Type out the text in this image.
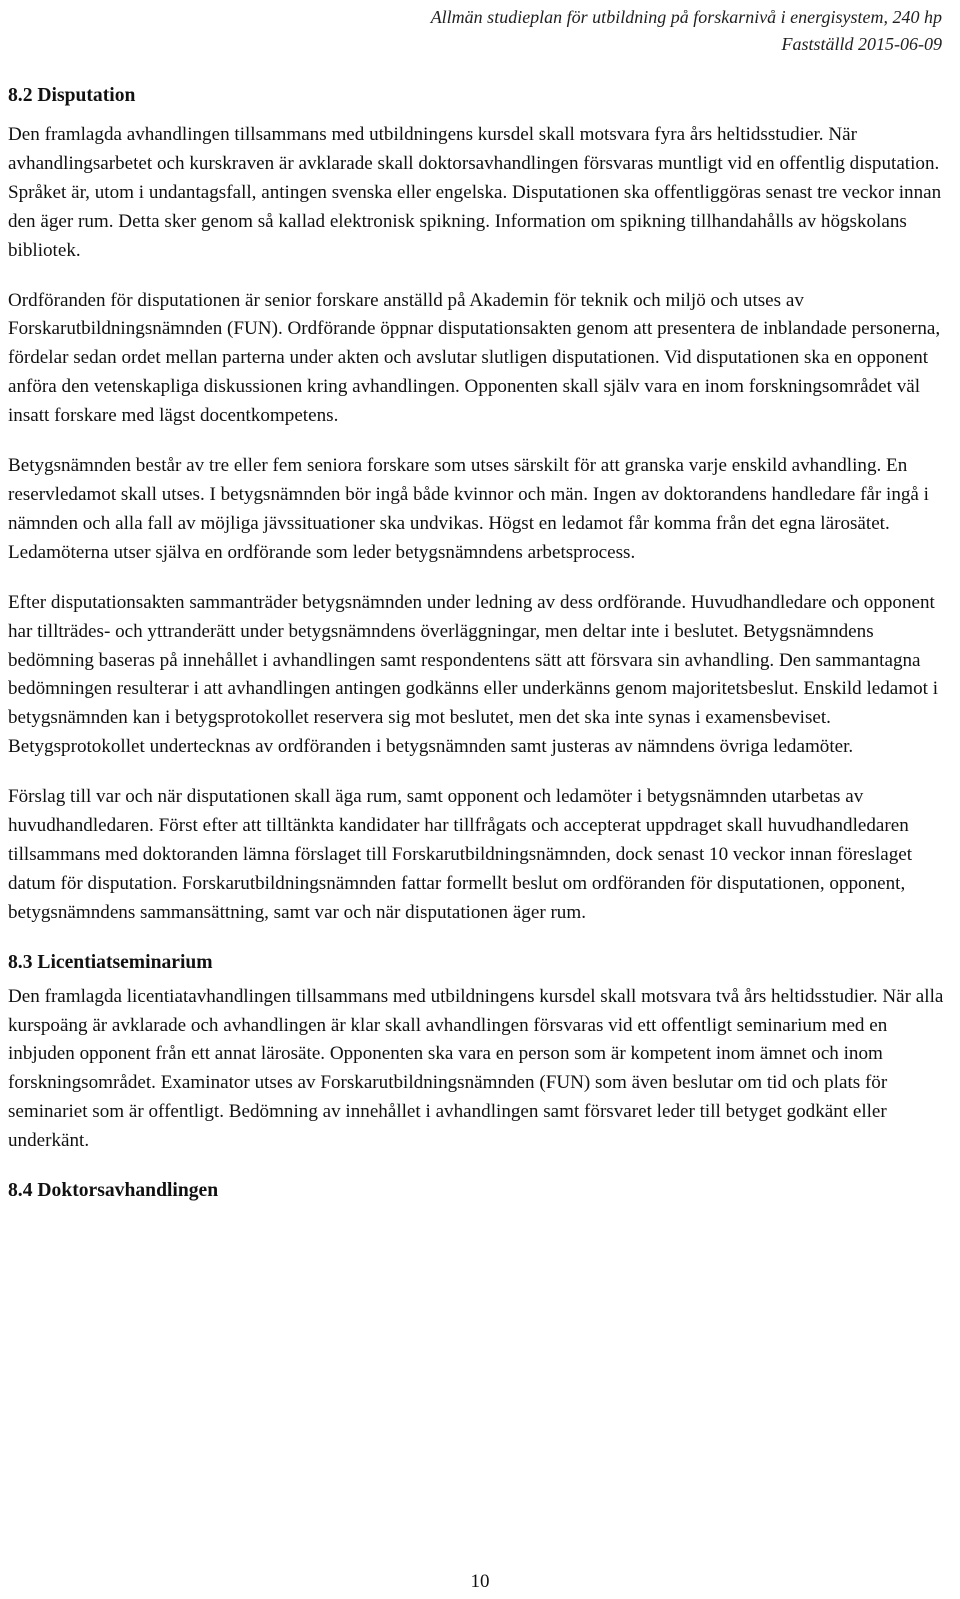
Allmän studieplan för utbildning på forskarnivå i energisystem, 240 hp
Fastställd 2015-06-09
8.2 Disputation

Den framlagda avhandlingen tillsammans med utbildningens kursdel skall motsvara fyra års heltidsstudier. När avhandlingsarbetet och kurskraven är avklarade skall doktorsavhandlingen försvaras muntligt vid en offentlig disputation. Språket är, utom i undantagsfall, antingen svenska eller engelska. Disputationen ska offentliggöras senast tre veckor innan den äger rum. Detta sker genom så kallad elektronisk spikning. Information om spikning tillhandahålls av högskolans bibliotek.

Ordföranden för disputationen är senior forskare anställd på Akademin för teknik och miljö och utses av Forskarutbildningsnämnden (FUN). Ordförande öppnar disputationsakten genom att presentera de inblandade personerna, fördelar sedan ordet mellan parterna under akten och avslutar slutligen disputationen. Vid disputationen ska en opponent anföra den vetenskapliga diskussionen kring avhandlingen. Opponenten skall själv vara en inom forskningsområdet väl insatt forskare med lägst docentkompetens.

Betygsnämnden består av tre eller fem seniora forskare som utses särskilt för att granska varje enskild avhandling. En reservledamot skall utses. I betygsnämnden bör ingå både kvinnor och män. Ingen av doktorandens handledare får ingå i nämnden och alla fall av möjliga jävssituationer ska undvikas. Högst en ledamot får komma från det egna lärosätet. Ledamöterna utser själva en ordförande som leder betygsnämndens arbetsprocess.

Efter disputationsakten sammanträder betygsnämnden under ledning av dess ordförande. Huvudhandledare och opponent har tillträdes- och yttranderätt under betygsnämndens överläggningar, men deltar inte i beslutet. Betygsnämndens bedömning baseras på innehållet i avhandlingen samt respondentens sätt att försvara sin avhandling. Den sammantagna bedömningen resulterar i att avhandlingen antingen godkänns eller underkänns genom majoritetsbeslut. Enskild ledamot i betygsnämnden kan i betygsprotokollet reservera sig mot beslutet, men det ska inte synas i examensbeviset. Betygsprotokollet undertecknas av ordföranden i betygsnämnden samt justeras av nämndens övriga ledamöter.

Förslag till var och när disputationen skall äga rum, samt opponent och ledamöter i betygsnämnden utarbetas av huvudhandledaren. Först efter att tilltänkta kandidater har tillfrågats och accepterat uppdraget skall huvudhandledaren tillsammans med doktoranden lämna förslaget till Forskarutbildningsnämnden, dock senast 10 veckor innan föreslaget datum för disputation. Forskarutbildningsnämnden fattar formellt beslut om ordföranden för disputationen, opponent, betygsnämndens sammansättning, samt var och när disputationen äger rum.

8.3 Licentiatseminarium

Den framlagda licentiatavhandlingen tillsammans med utbildningens kursdel skall motsvara två års heltidsstudier. När alla kurspoäng är avklarade och avhandlingen är klar skall avhandlingen försvaras vid ett offentligt seminarium med en inbjuden opponent från ett annat lärosäte. Opponenten ska vara en person som är kompetent inom ämnet och inom forskningsområdet. Examinator utses av Forskarutbildningsnämnden (FUN) som även beslutar om tid och plats för seminariet som är offentligt. Bedömning av innehållet i avhandlingen samt försvaret leder till betyget godkänt eller underkänt.

8.4 Doktorsavhandlingen
10
